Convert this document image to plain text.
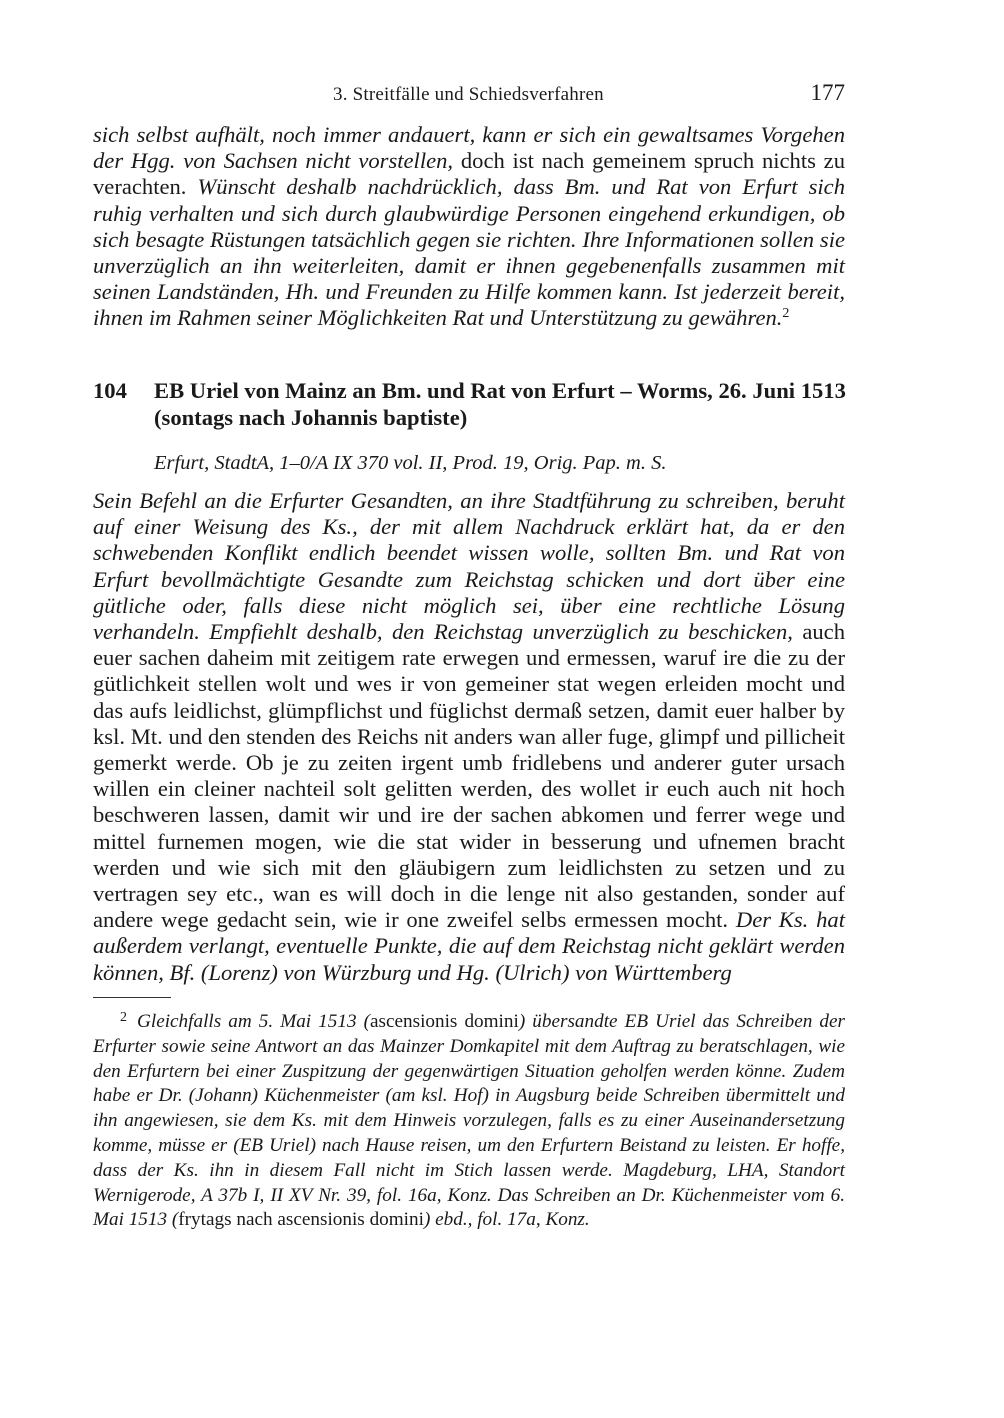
3. Streitfälle und Schiedsverfahren	177

sich selbst aufhält, noch immer andauert, kann er sich ein gewaltsames Vorgehen der Hgg. von Sachsen nicht vorstellen, doch ist nach gemeinem spruch nichts zu verachten. Wünscht deshalb nachdrücklich, dass Bm. und Rat von Erfurt sich ruhig verhalten und sich durch glaubwürdige Personen eingehend erkundigen, ob sich besagte Rüstungen tatsächlich gegen sie richten. Ihre Informationen sollen sie unverzüglich an ihn weiterleiten, damit er ihnen gegebenenfalls zusammen mit seinen Landständen, Hh. und Freunden zu Hilfe kommen kann. Ist jederzeit bereit, ihnen im Rahmen seiner Möglichkeiten Rat und Unterstützung zu gewähren.$^2$

104	EB Uriel von Mainz an Bm. und Rat von Erfurt – Worms, 26. Juni 1513
(sontags nach Johannis baptiste)
Erfurt, StadtA, 1–0/A IX 370 vol. II, Prod. 19, Orig. Pap. m. S.

Sein Befehl an die Erfurter Gesandten, an ihre Stadtführung zu schreiben, beruht auf einer Weisung des Ks., der mit allem Nachdruck erklärt hat, da er den schwebenden Konflikt endlich beendet wissen wolle, sollten Bm. und Rat von Erfurt bevollmächtigte Gesandte zum Reichstag schicken und dort über eine gütliche oder, falls diese nicht möglich sei, über eine rechtliche Lösung verhandeln. Empfiehlt deshalb, den Reichstag unverzüglich zu beschicken, auch euer sachen daheim mit zeitigem rate erwegen und ermessen, waruf ire die zu der gütlichkeit stellen wolt und wes ir von gemeiner stat wegen erleiden mocht und das aufs leidlichst, glümpflichst und füglichst dermaß setzen, damit euer halber by ksl. Mt. und den stenden des Reichs nit anders wan aller fuge, glimpf und pillicheit gemerkt werde. Ob je zu zeiten irgent umb fridlebens und anderer guter ursach willen ein cleiner nachteil solt gelitten werden, des wollet ir euch auch nit hoch beschweren lassen, damit wir und ire der sachen abkomen und ferrer wege und mittel furnemen mogen, wie die stat wider in besserung und ufnemen bracht werden und wie sich mit den gläubigern zum leidlichsten zu setzen und zu vertragen sey etc., wan es will doch in die lenge nit also gestanden, sonder auf andere wege gedacht sein, wie ir one zweifel selbs ermessen mocht. Der Ks. hat außerdem verlangt, eventuelle Punkte, die auf dem Reichstag nicht geklärt werden können, Bf. (Lorenz) von Würzburg und Hg. (Ulrich) von Württemberg

$^2$ Gleichfalls am 5. Mai 1513 (ascensionis domini) übersandte EB Uriel das Schreiben der Erfurter sowie seine Antwort an das Mainzer Domkapitel mit dem Auftrag zu beratschlagen, wie den Erfurtern bei einer Zuspitzung der gegenwärtigen Situation geholfen werden könne. Zudem habe er Dr. (Johann) Küchenmeister (am ksl. Hof) in Augsburg beide Schreiben übermittelt und ihn angewiesen, sie dem Ks. mit dem Hinweis vorzulegen, falls es zu einer Auseinandersetzung komme, müsse er (EB Uriel) nach Hause reisen, um den Erfurtern Beistand zu leisten. Er hoffe, dass der Ks. ihn in diesem Fall nicht im Stich lassen werde. Magdeburg, LHA, Standort Wernigerode, A 37b I, II XV Nr. 39, fol. 16a, Konz. Das Schreiben an Dr. Küchenmeister vom 6. Mai 1513 (frytags nach ascensionis domini) ebd., fol. 17a, Konz.
